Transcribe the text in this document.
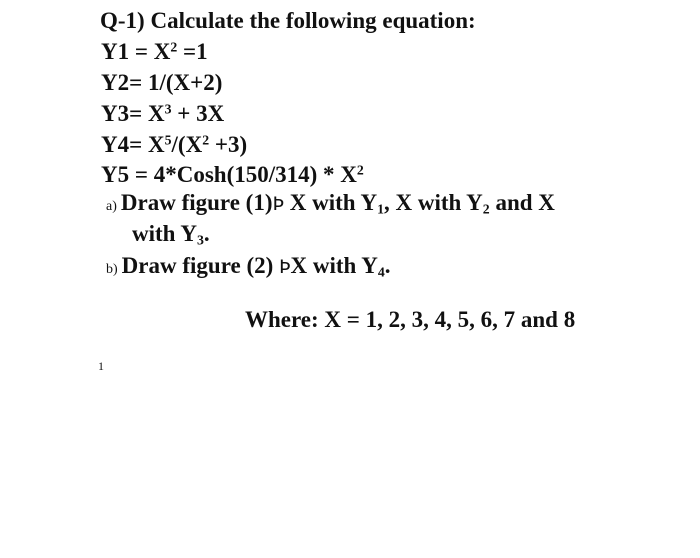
Q-1) Calculate the following equation:
$Y1 = X^2 =1$
Y2= 1/(X+2)
$Y3= X^3 + 3X$
$Y4= X^5/(X^2 +3)$
Y5 = 4*Cosh(150/314) * $X^2$
a) Draw figure (1)Þ X with $Y_1$, X with $Y_2$ and X
with $Y_3$.
b) Draw figure (2) ÞX with $Y_4$.
Where: X = 1, 2, 3, 4, 5, 6, 7 and 8
1
